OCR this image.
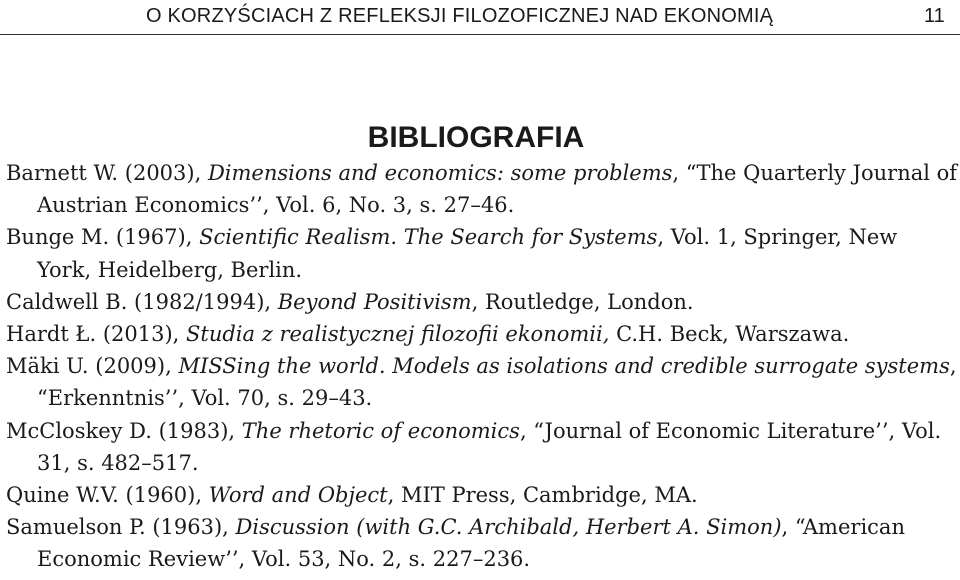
O KORZYŚCIACH Z REFLEKSJI FILOZOFICZNEJ NAD EKONOMIĄ	11
BIBLIOGRAFIA
Barnett W. (2003), Dimensions and economics: some problems, “The Quarterly Journal of Austrian Economics’’, Vol. 6, No. 3, s. 27–46.
Bunge M. (1967), Scientific Realism. The Search for Systems, Vol. 1, Springer, New York, Heidelberg, Berlin.
Caldwell B. (1982/1994), Beyond Positivism, Routledge, London.
Hardt Ł. (2013), Studia z realistycznej filozofii ekonomii, C.H. Beck, Warszawa.
Mäki U. (2009), MISSing the world. Models as isolations and credible surrogate systems, “Erkenntnis’’, Vol. 70, s. 29–43.
McCloskey D. (1983), The rhetoric of economics, “Journal of Economic Literature’’, Vol. 31, s. 482–517.
Quine W.V. (1960), Word and Object, MIT Press, Cambridge, MA.
Samuelson P. (1963), Discussion (with G.C. Archibald, Herbert A. Simon), “American Economic Review’’, Vol. 53, No. 2, s. 227–236.
